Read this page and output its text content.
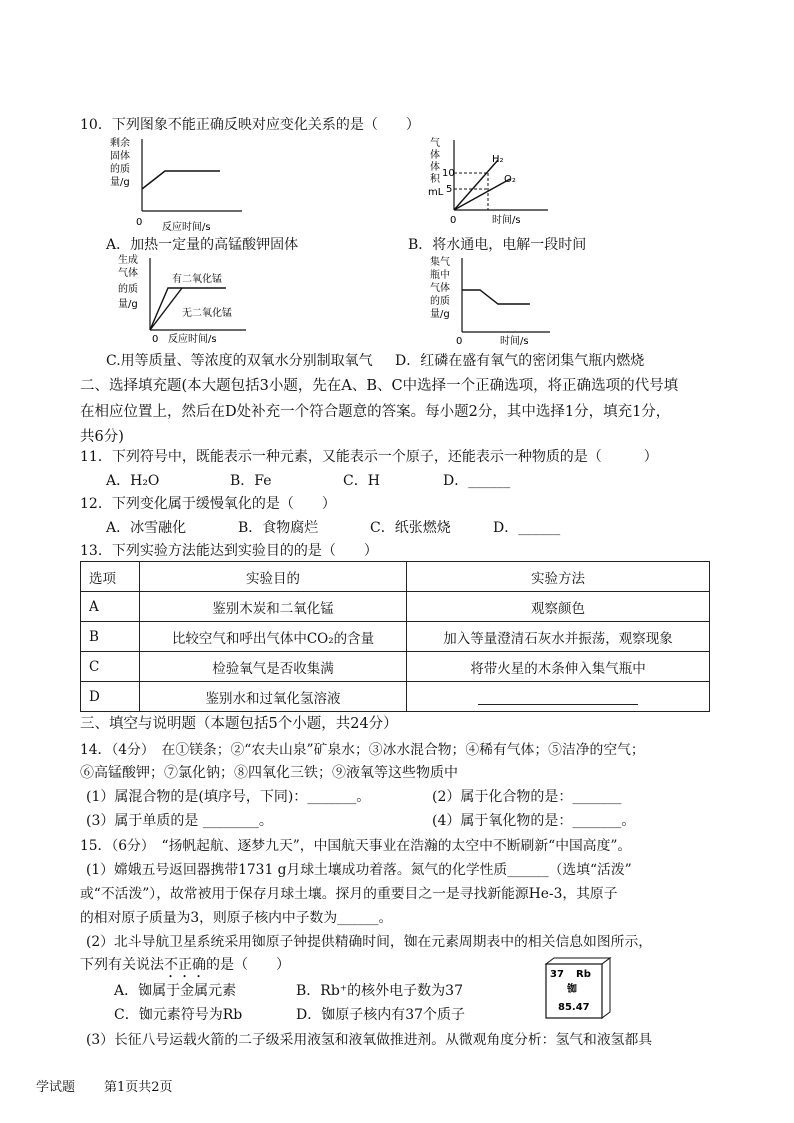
10．下列图象不能正确反映对应变化关系的是（　　）
剩余
固体
的质
量/g
0 反应时间/s
A．加热一定量的高锰酸钾固体
气
体
体
积
mL
10
5
H₂
O₂
0	时间/s
B．将水通电，电解一段时间
生成
气体
的质
量/g
有二氧化锰
无二氧化锰
0 反应时间/s
集气
瓶中
气体
的质
量/g
0	时间/s
C.用等质量、等浓度的双氧水分别制取氧气 D．红磷在盛有氧气的密闭集气瓶内燃烧
二、选择填充题(本大题包括3小题，先在A、B、C中选择一个正确选项，将正确选项的代号填
在相应位置上，然后在D处补充一个符合题意的答案。每小题2分，其中选择1分，填充1分，
共6分)
11．下列符号中，既能表示一种元素，又能表示一个原子，还能表示一种物质的是（　　　）
A．H₂O	B．Fe	C．H	D．______
12．下列变化属于缓慢氧化的是（　　）
A．冰雪融化	B．食物腐烂	C．纸张燃烧	D．______
13．下列实验方法能达到实验目的的是（　　）
选项	实验目的	实验方法
A	鉴别木炭和二氧化锰	观察颜色
B	比较空气和呼出气体中CO₂的含量	加入等量澄清石灰水并振荡，观察现象
C	检验氧气是否收集满	将带火星的木条伸入集气瓶中
D	鉴别水和过氧化氢溶液	
三、填空与说明题（本题包括5个小题，共24分）
14．（4分）　在①镁条；②“农夫山泉”矿泉水；③冰水混合物；④稀有气体；⑤洁净的空气；
⑥高锰酸钾；⑦氯化钠；⑧四氧化三铁；⑨液氧等这些物质中
(1）属混合物的是(填序号，下同)：_______。	(2）属于化合物的是：_______
(3）属于单质的是 ________。	(4）属于氧化物的是：_______。
15．（6分）　“扬帆起航、逐梦九天”，中国航天事业在浩瀚的太空中不断刷新“中国高度”。
(1）嫦娥五号返回器携带1731 g月球土壤成功着落。氮气的化学性质______（选填“活泼”
或“不活泼”），故常被用于保存月球土壤。探月的重要目之一是寻找新能源He-3，其原子
的相对原子质量为3，则原子核内中子数为______。
(2）北斗导航卫星系统采用铷原子钟提供精确时间，铷在元素周期表中的相关信息如图所示，
下列有关说法不正确的是（　　）
A．铷属于金属元素	B．Rb⁺的核外电子数为37
C．铷元素符号为Rb	D．铷原子核内有37个质子
37 Rb
铷
85.47
(3）长征八号运载火箭的二子级采用液氢和液氧做推进剂。从微观角度分析：氢气和液氢都具
学试题 第1页共2页
